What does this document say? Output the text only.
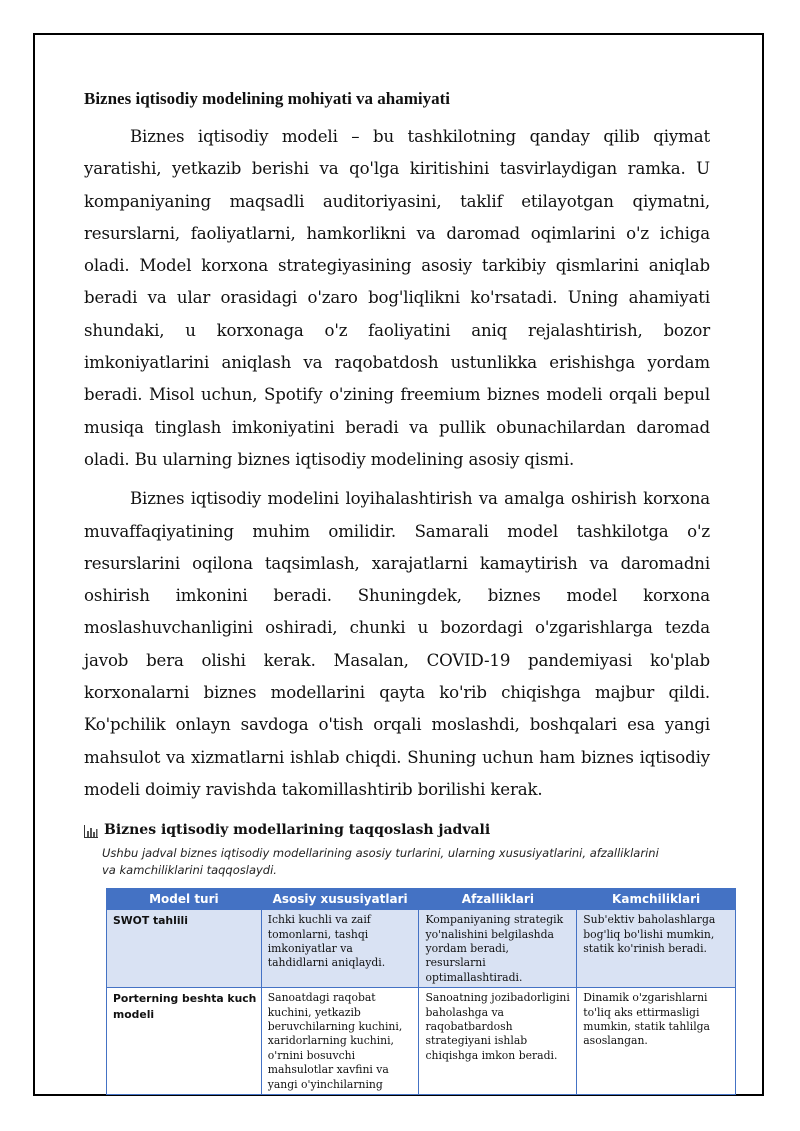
Biznes iqtisodiy modelining mohiyati va ahamiyati

Biznes iqtisodiy modeli – bu tashkilotning qanday qilib qiymat yaratishi, yetkazib berishi va qo'lga kiritishini tasvirlaydigan ramka. U kompaniyaning maqsadli auditoriyasini, taklif etilayotgan qiymatni, resurslarni, faoliyatlarni, hamkorlikni va daromad oqimlarini o'z ichiga oladi. Model korxona strategiyasining asosiy tarkibiy qismlarini aniqlab beradi va ular orasidagi o'zaro bog'liqlikni ko'rsatadi. Uning ahamiyati shundaki, u korxonaga o'z faoliyatini aniq rejalashtirish, bozor imkoniyatlarini aniqlash va raqobatdosh ustunlikka erishishga yordam beradi. Misol uchun, Spotify o'zining freemium biznes modeli orqali bepul musiqa tinglash imkoniyatini beradi va pullik obunachilardan daromad oladi. Bu ularning biznes iqtisodiy modelining asosiy qismi.

Biznes iqtisodiy modelini loyihalashtirish va amalga oshirish korxona muvaffaqiyatining muhim omilidir. Samarali model tashkilotga o'z resurslarini oqilona taqsimlash, xarajatlarni kamaytirish va daromadni oshirish imkonini beradi. Shuningdek, biznes model korxona moslashuvchanligini oshiradi, chunki u bozordagi o'zgarishlarga tezda javob bera olishi kerak. Masalan, COVID-19 pandemiyasi ko'plab korxonalarni biznes modellarini qayta ko'rib chiqishga majbur qildi. Ko'pchilik onlayn savdoga o'tish orqali moslashdi, boshqalari esa yangi mahsulot va xizmatlarni ishlab chiqdi. Shuning uchun ham biznes iqtisodiy modeli doimiy ravishda takomillashtirib borilishi kerak.

Biznes iqtisodiy modellarining taqqoslash jadvali
Ushbu jadval biznes iqtisodiy modellarining asosiy turlarini, ularning xususiyatlarini, afzalliklarini va kamchiliklarini taqqoslaydi.
Model turi	Asosiy xususiyatlari	Afzalliklari	Kamchiliklari
SWOT tahlili	Ichki kuchli va zaif tomonlarni, tashqi imkoniyatlar va tahdidlarni aniqlaydi.	Kompaniyaning strategik yo'nalishini belgilashda yordam beradi, resurslarni optimallashtiradi.	Sub'ektiv baholashlarga bog'liq bo'lishi mumkin, statik ko'rinish beradi.
Porterning beshta kuch modeli	Sanoatdagi raqobat kuchini, yetkazib beruvchilarning kuchini, xaridorlarning kuchini, o'rnini bosuvchi mahsulotlar xavfini va yangi o'yinchilarning	Sanoatning jozibadorligini baholashga va raqobatbardosh strategiyani ishlab chiqishga imkon beradi.	Dinamik o'zgarishlarni to'liq aks ettirmasligi mumkin, statik tahlilga asoslangan.
